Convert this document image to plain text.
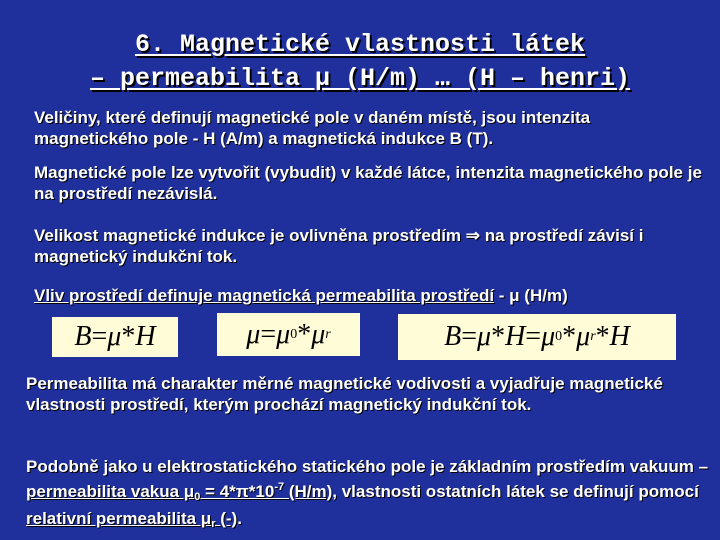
6. Magnetické vlastnosti látek
– permeabilita μ (H/m) … (H – henri)
Veličiny, které definují magnetické pole v daném místě, jsou intenzita magnetického pole - H (A/m) a magnetická indukce B (T).
Magnetické pole lze vytvořit (vybudit) v každé látce, intenzita magnetického pole je na prostředí nezávislá.
Velikost magnetické indukce je ovlivněna prostředím ⇒ na prostředí závisí i magnetický indukční tok.
Vliv prostředí definuje magnetická permeabilita prostředí - μ (H/m)
B = μ * H	μ = μ 0 * μ r	B = μ * H = μ 0 * μ r * H
Permeabilita má charakter měrné magnetické vodivosti a vyjadřuje magnetické vlastnosti prostředí, kterým prochází magnetický indukční tok.
Podobně jako u elektrostatického statického pole je základním prostředím vakuum – permeabilita vakua $\mu 0 = 4*\pi*10^{-7}$ (H/m), vlastnosti ostatních látek se definují pomocí relativní permeabilita μr (-).
